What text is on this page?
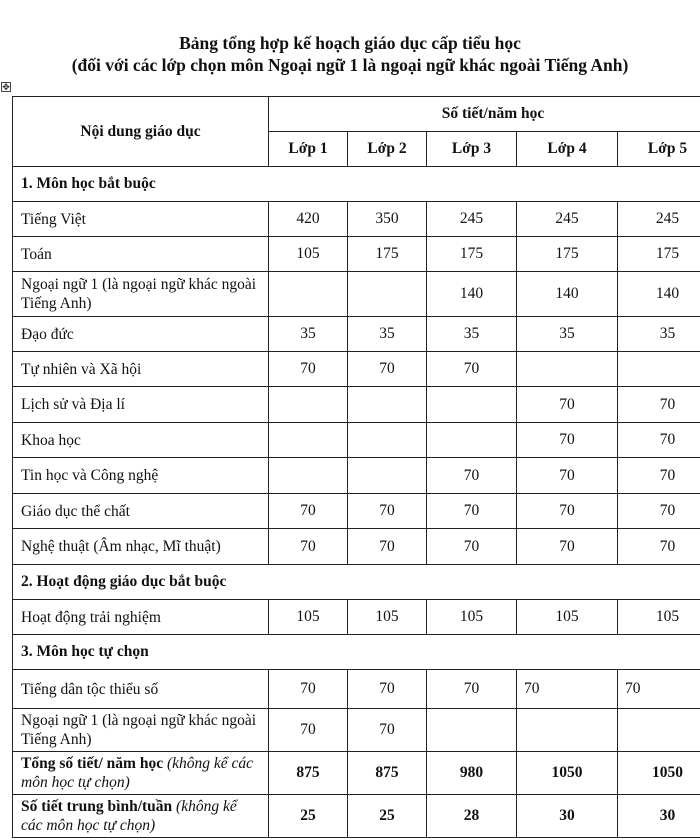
Bảng tổng hợp kế hoạch giáo dục cấp tiểu học
(đối với các lớp chọn môn Ngoại ngữ 1 là ngoại ngữ khác ngoài Tiếng Anh)
✥
Nội dung giáo dục	Số tiết/năm học				
	Lớp 1	Lớp 2	Lớp 3	Lớp 4	Lớp 5
1. Môn học bắt buộc					
Tiếng Việt	420	350	245	245	245
Toán	105	175	175	175	175
Ngoại ngữ 1 (là ngoại ngữ khác ngoài Tiếng Anh)			140	140	140
Đạo đức	35	35	35	35	35
Tự nhiên và Xã hội	70	70	70		
Lịch sử và Địa lí				70	70
Khoa học				70	70
Tin học và Công nghệ			70	70	70
Giáo dục thể chất	70	70	70	70	70
Nghệ thuật (Âm nhạc, Mĩ thuật)	70	70	70	70	70
2. Hoạt động giáo dục bắt buộc					
Hoạt động trải nghiệm	105	105	105	105	105
3. Môn học tự chọn					
Tiếng dân tộc thiểu số	70	70	70	70	70
Ngoại ngữ 1 (là ngoại ngữ khác ngoài Tiếng Anh)	70	70			
Tổng số tiết/ năm học (không kể các môn học tự chọn)	875	875	980	1050	1050
Số tiết trung bình/tuần (không kể các môn học tự chọn)	25	25	28	30	30
